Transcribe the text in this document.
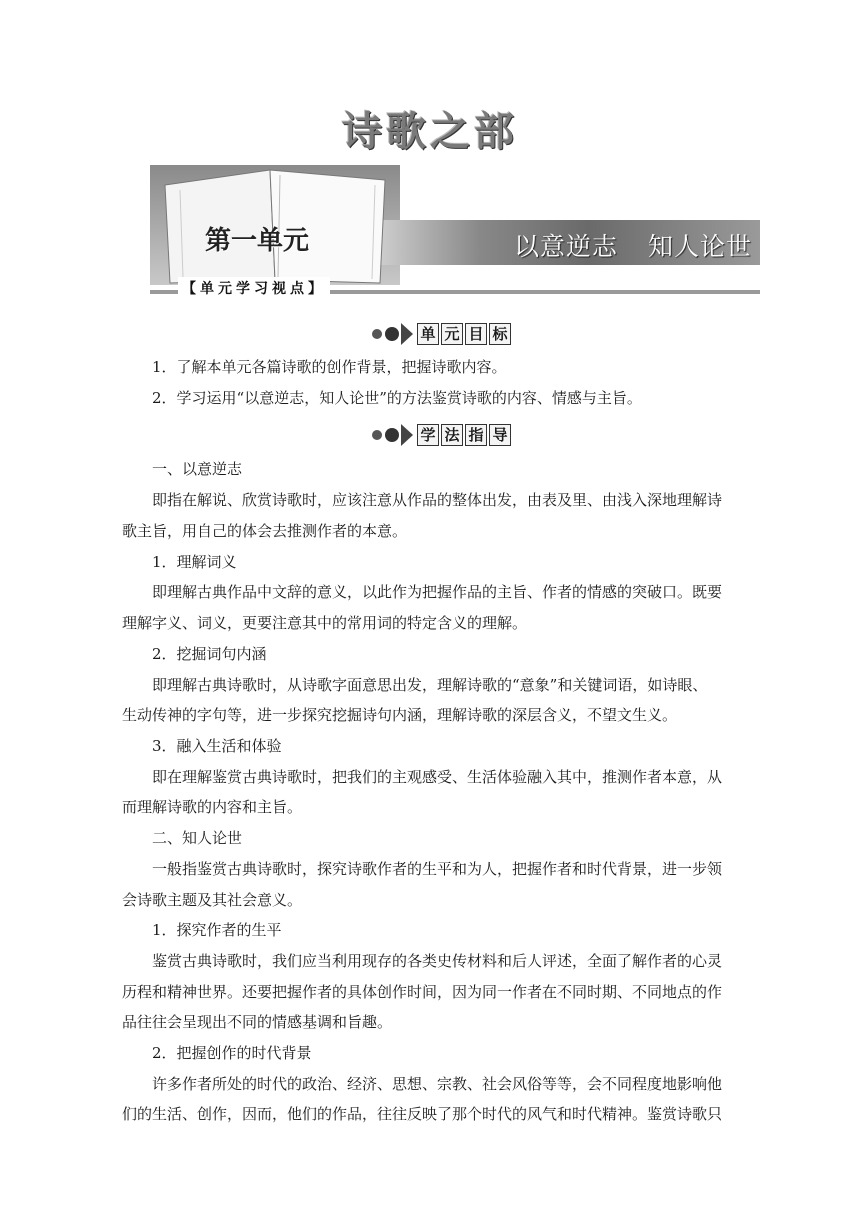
诗歌之部
第一单元	以意逆志 知人论世
【单元学习视点】
单 元 目 标
1．了解本单元各篇诗歌的创作背景，把握诗歌内容。
2．学习运用“以意逆志，知人论世”的方法鉴赏诗歌的内容、情感与主旨。
学 法 指 导
一、以意逆志
即指在解说、欣赏诗歌时，应该注意从作品的整体出发，由表及里、由浅入深地理解诗
歌主旨，用自己的体会去推测作者的本意。
1．理解词义
即理解古典作品中文辞的意义，以此作为把握作品的主旨、作者的情感的突破口。既要
理解字义、词义，更要注意其中的常用词的特定含义的理解。
2．挖掘词句内涵
即理解古典诗歌时，从诗歌字面意思出发，理解诗歌的“意象”和关键词语，如诗眼、
生动传神的字句等，进一步探究挖掘诗句内涵，理解诗歌的深层含义，不望文生义。
3．融入生活和体验
即在理解鉴赏古典诗歌时，把我们的主观感受、生活体验融入其中，推测作者本意，从
而理解诗歌的内容和主旨。
二、知人论世
一般指鉴赏古典诗歌时，探究诗歌作者的生平和为人，把握作者和时代背景，进一步领
会诗歌主题及其社会意义。
1．探究作者的生平
鉴赏古典诗歌时，我们应当利用现存的各类史传材料和后人评述，全面了解作者的心灵
历程和精神世界。还要把握作者的具体创作时间，因为同一作者在不同时期、不同地点的作
品往往会呈现出不同的情感基调和旨趣。
2．把握创作的时代背景
许多作者所处的时代的政治、经济、思想、宗教、社会风俗等等，会不同程度地影响他
们的生活、创作，因而，他们的作品，往往反映了那个时代的风气和时代精神。鉴赏诗歌只
